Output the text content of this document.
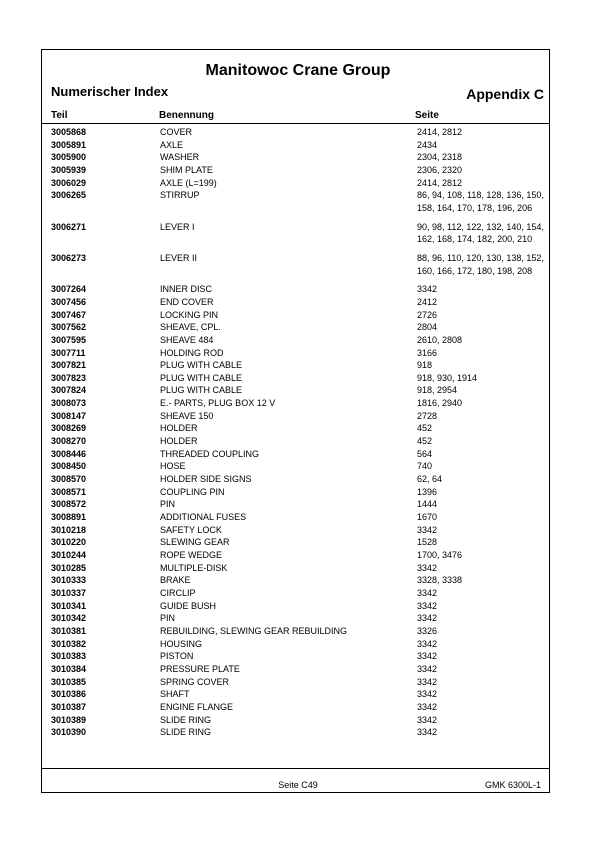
Manitowoc Crane Group
Numerischer Index	Appendix C
Teil	Benennung	Seite
3005868	COVER	2414, 2812
3005891	AXLE	2434
3005900	WASHER	2304, 2318
3005939	SHIM PLATE	2306, 2320
3006029	AXLE (L=199)	2414, 2812
3006265	STIRRUP	86, 94, 108, 118, 128, 136, 150, 158, 164, 170, 178, 196, 206
3006271	LEVER I	90, 98, 112, 122, 132, 140, 154, 162, 168, 174, 182, 200, 210
3006273	LEVER II	88, 96, 110, 120, 130, 138, 152, 160, 166, 172, 180, 198, 208
3007264	INNER DISC	3342
3007456	END COVER	2412
3007467	LOCKING PIN	2726
3007562	SHEAVE, CPL.	2804
3007595	SHEAVE 484	2610, 2808
3007711	HOLDING ROD	3166
3007821	PLUG WITH CABLE	918
3007823	PLUG WITH CABLE	918, 930, 1914
3007824	PLUG WITH CABLE	918, 2954
3008073	E.- PARTS, PLUG BOX 12 V	1816, 2940
3008147	SHEAVE 150	2728
3008269	HOLDER	452
3008270	HOLDER	452
3008446	THREADED COUPLING	564
3008450	HOSE	740
3008570	HOLDER SIDE SIGNS	62, 64
3008571	COUPLING PIN	1396
3008572	PIN	1444
3008891	ADDITIONAL FUSES	1670
3010218	SAFETY LOCK	3342
3010220	SLEWING GEAR	1528
3010244	ROPE WEDGE	1700, 3476
3010285	MULTIPLE-DISK	3342
3010333	BRAKE	3328, 3338
3010337	CIRCLIP	3342
3010341	GUIDE BUSH	3342
3010342	PIN	3342
3010381	REBUILDING, SLEWING GEAR REBUILDING	3326
3010382	HOUSING	3342
3010383	PISTON	3342
3010384	PRESSURE PLATE	3342
3010385	SPRING COVER	3342
3010386	SHAFT	3342
3010387	ENGINE FLANGE	3342
3010389	SLIDE RING	3342
3010390	SLIDE RING	3342
Seite C49	GMK 6300L-1
